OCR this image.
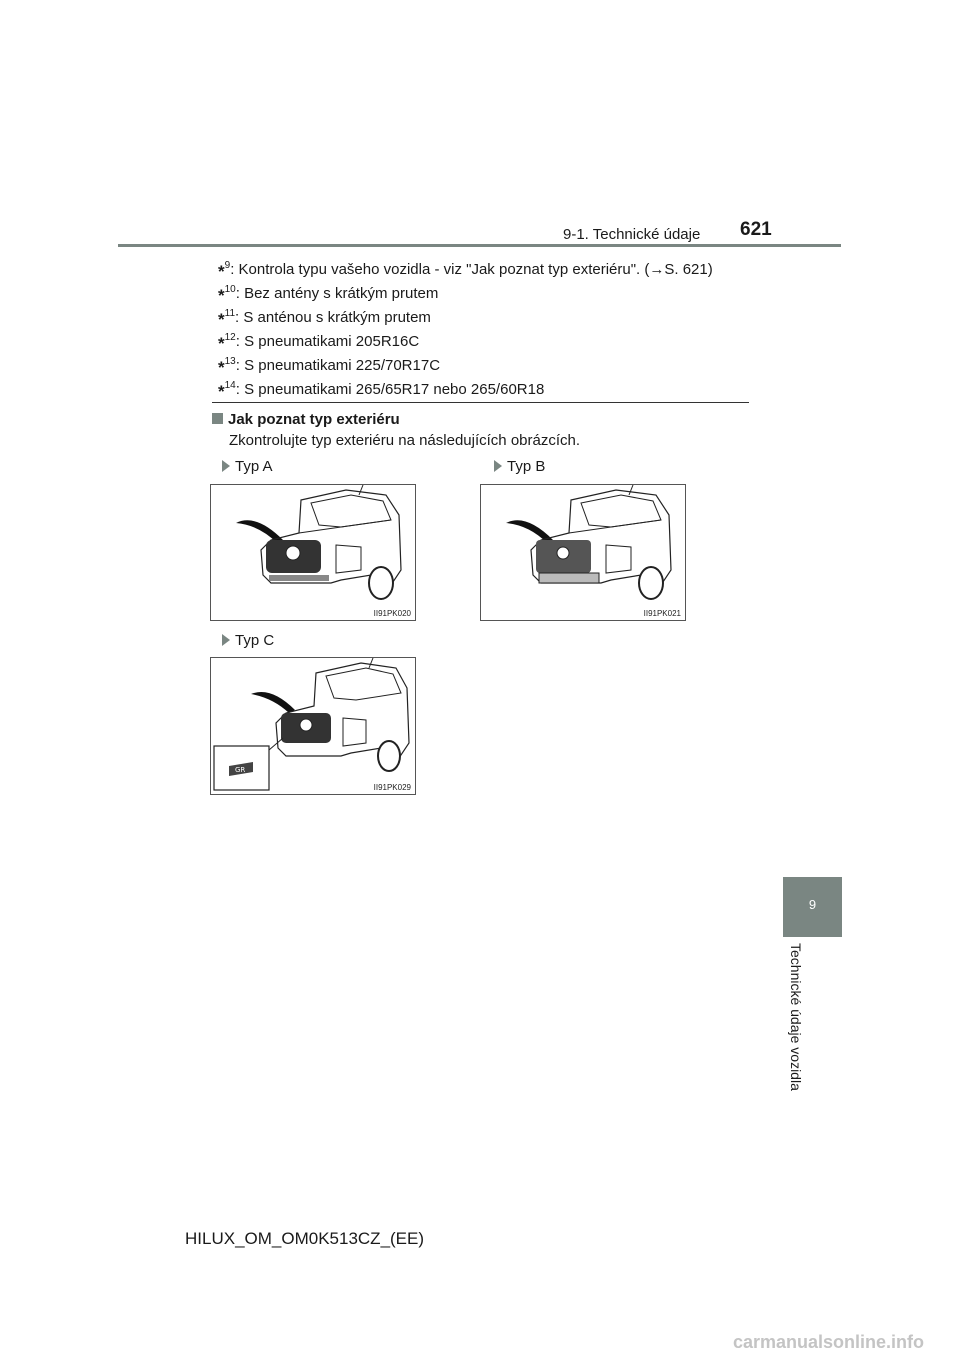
9-1. Technické údaje 621
*$^9$: Kontrola typu vašeho vozidla - viz "Jak poznat typ exteriéru". (→S. 621)
*$^{10}$: Bez antény s krátkým prutem
*$^{11}$: S anténou s krátkým prutem
*$^{12}$: S pneumatikami 205R16C
*$^{13}$: S pneumatikami 225/70R17C
*$^{14}$: S pneumatikami 265/65R17 nebo 265/60R18
Jak poznat typ exteriéru
Zkontrolujte typ exteriéru na následujících obrázcích.
Typ A	Typ B
Typ C
II91PK020	II91PK021
GR
II91PK029
9
Technické údaje vozidla
HILUX_OM_OM0K513CZ_(EE)
carmanualsonline.info
